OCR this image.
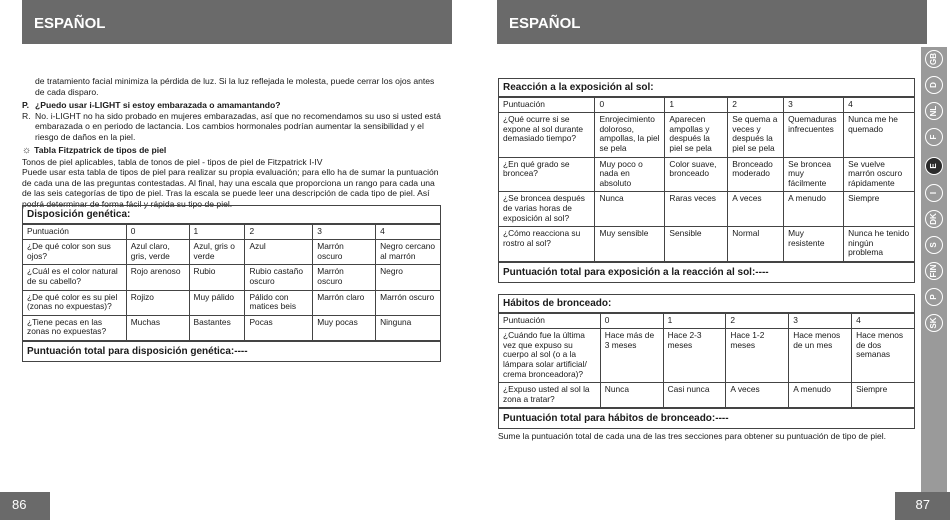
ESPAÑOL
de tratamiento facial minimiza la pérdida de luz. Si la luz reflejada le molesta, puede cerrar los ojos antes de cada disparo.
P. ¿Puedo usar i-LIGHT si estoy embarazada o amamantando?
R. No. i-LIGHT no ha sido probado en mujeres embarazadas, así que no recomendamos su uso si usted está embarazada o en periodo de lactancia. Los cambios hormonales podrían aumentar la sensibilidad y el riesgo de daños en la piel.
☼ Tabla Fitzpatrick de tipos de piel
Tonos de piel aplicables, tabla de tonos de piel - tipos de piel de Fitzpatrick I-IV
Puede usar esta tabla de tipos de piel para realizar su propia evaluación; para ello ha de sumar la puntuación de cada una de las preguntas contestadas. Al final, hay una escala que proporciona un rango para cada una de las seis categorías de tipo de piel. Tras la escala se puede leer una descripción de cada tipo de piel. Así podrá determinar de forma fácil y rápida su tipo de piel.
Disposición genética:					
Puntuación	0	1	2	3	4
¿De qué color son sus ojos?	Azul claro, gris, verde	Azul, gris o verde	Azul	Marrón oscuro	Negro cercano al marrón
¿Cuál es el color natural de su cabello?	Rojo arenoso	Rubio	Rubio castaño oscuro	Marrón oscuro	Negro
¿De qué color es su piel (zonas no expuestas)?	Rojizo	Muy pálido	Pálido con matices beis	Marrón claro	Marrón oscuro
¿Tiene pecas en las zonas no expuestas?	Muchas	Bastantes	Pocas	Muy pocas	Ninguna
Puntuación total para disposición genética:----					
86
ESPAÑOL
Reacción a la exposición al sol:					
Puntuación	0	1	2	3	4
¿Qué ocurre si se expone al sol durante demasiado tiempo?	Enrojecimiento doloroso, ampollas, la piel se pela	Aparecen ampollas y después la piel se pela	Se quema a veces y después la piel se pela	Quemaduras infrecuentes	Nunca me he quemado
¿En qué grado se broncea?	Muy poco o nada en absoluto	Color suave, bronceado	Bronceado moderado	Se broncea muy fácilmente	Se vuelve marrón oscuro rápidamente
¿Se broncea después de varias horas de exposición al sol?	Nunca	Raras veces	A veces	A menudo	Siempre
¿Cómo reacciona su rostro al sol?	Muy sensible	Sensible	Normal	Muy resistente	Nunca he tenido ningún problema
Puntuación total para exposición a la reacción al sol:----					
Hábitos de bronceado:					
Puntuación	0	1	2	3	4
¿Cuándo fue la última vez que expuso su cuerpo al sol (o a la lámpara solar artificial/ crema bronceadora)?	Hace más de 3 meses	Hace 2-3 meses	Hace 1-2 meses	Hace menos de un mes	Hace menos de dos semanas
¿Expuso usted al sol la zona a tratar?	Nunca	Casi nunca	A veces	A menudo	Siempre
Puntuación total para hábitos de bronceado:----					
87
Sume la puntuación total de cada una de las tres secciones para obtener su puntuación de tipo de piel.
GB
D
NL
F
E
I
DK
S
FIN
P
SK
